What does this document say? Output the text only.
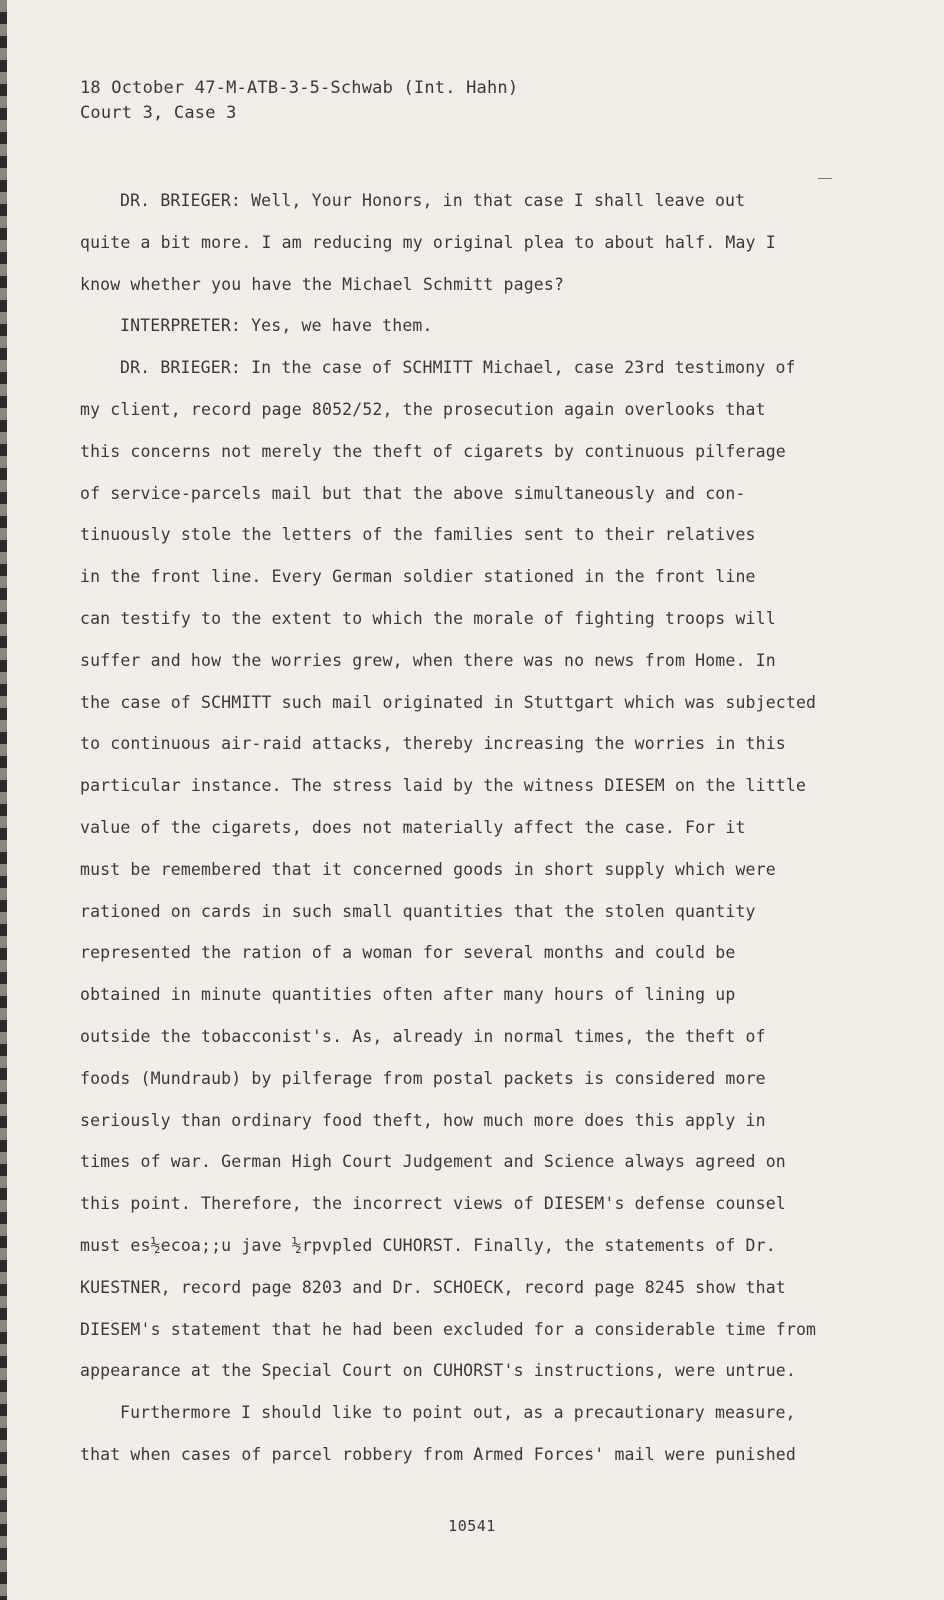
18 October 47-M-ATB-3-5-Schwab (Int. Hahn)
Court 3, Case 3
DR. BRIEGER: Well, Your Honors, in that case I shall leave out
quite a bit more. I am reducing my original plea to about half. May I
know whether you have the Michael Schmitt pages?
INTERPRETER: Yes, we have them.
DR. BRIEGER: In the case of SCHMITT Michael, case 23rd testimony of
my client, record page 8052/52, the prosecution again overlooks that
this concerns not merely the theft of cigarets by continuous pilferage
of service-parcels mail but that the above simultaneously and con-
tinuously stole the letters of the families sent to their relatives
in the front line. Every German soldier stationed in the front line
can testify to the extent to which the morale of fighting troops will
suffer and how the worries grew, when there was no news from Home. In
the case of SCHMITT such mail originated in Stuttgart which was subjected
to continuous air-raid attacks, thereby increasing the worries in this
particular instance. The stress laid by the witness DIESEM on the little
value of the cigarets, does not materially affect the case. For it
must be remembered that it concerned goods in short supply which were
rationed on cards in such small quantities that the stolen quantity
represented the ration of a woman for several months and could be
obtained in minute quantities often after many hours of lining up
outside the tobacconist's. As, already in normal times, the theft of
foods (Mundraub) by pilferage from postal packets is considered more
seriously than ordinary food theft, how much more does this apply in
times of war. German High Court Judgement and Science always agreed on
this point. Therefore, the incorrect views of DIESEM's defense counsel
must es½ecoa;;u jave ½rpvpled CUHORST. Finally, the statements of Dr.
KUESTNER, record page 8203 and Dr. SCHOECK, record page 8245 show that
DIESEM's statement that he had been excluded for a considerable time from
appearance at the Special Court on CUHORST's instructions, were untrue.
Furthermore I should like to point out, as a precautionary measure,
that when cases of parcel robbery from Armed Forces' mail were punished
10541
